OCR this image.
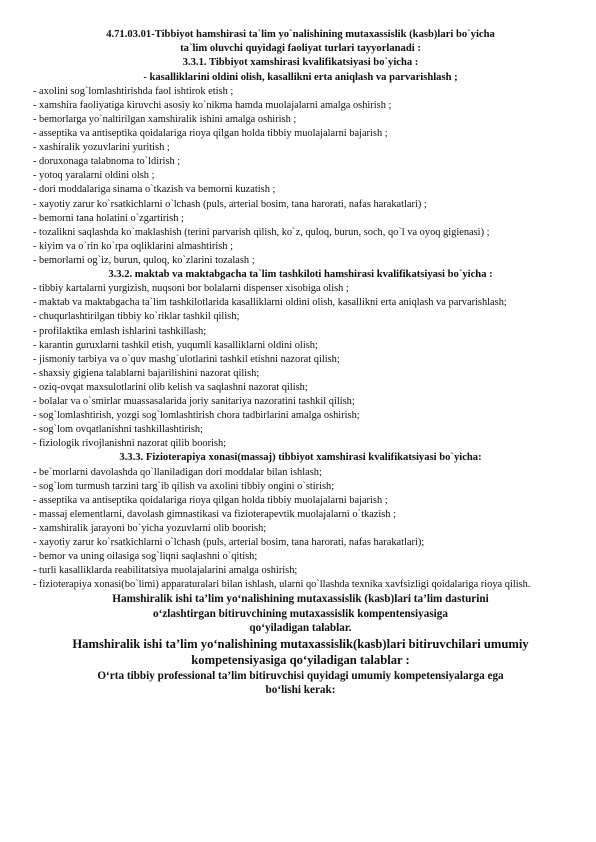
4.71.03.01-Tibbiyot hamshirasi ta`lim yo`nalishining mutaxassislik (kasb)lari bo`yicha

ta`lim oluvchi quyidagi faoliyat turlari tayyorlanadi :

3.3.1. Tibbiyot xamshirasi kvalifikatsiyasi bo`yicha :

- kasalliklarini oldini olish, kasallikni erta aniqlash va parvarishlash ;

- axolini sog`lomlashtirishda faol ishtirok etish ;

- xamshira faoliyatiga kiruvchi asosiy ko`nikma hamda muolajalarni amalga oshirish ;

- bemorlarga yo`naltirilgan xamshiralik ishini amalga oshirish ;

- asseptika va antiseptika qoidalariga rioya qilgan holda tibbiy muolajalarni bajarish ;

- xashiralik yozuvlarini yuritish ;

- doruxonaga talabnoma to`ldirish ;

- yotoq yaralarni oldini olsh ;

- dori moddalariga sinama o`tkazish va bemorni kuzatish ;

- xayotiy zarur ko`rsatkichlarni o`lchash (puls, arterial bosim, tana harorati, nafas harakatlari) ;

- bemorni tana holatini o`zgartirish ;

- tozalikni saqlashda ko`maklashish (terini parvarish qilish, ko`z, quloq, burun, soch, qo`l va oyoq gigienasi) ;

- kiyim va o`rin ko`rpa oqliklarini almashtirish ;

- bemorlarni og`iz, burun, quloq, ko`zlarini tozalash ;

3.3.2. maktab va maktabgacha ta`lim tashkiloti hamshirasi kvalifikatsiyasi bo`yicha :

- tibbiy kartalarni yurgizish, nuqsoni bor bolalarni dispenser xisobiga olish ;

- maktab va maktabgacha ta`lim tashkilotlarida kasalliklarni oldini olish, kasallikni erta aniqlash va parvarishlash;

- chuqurlashtirilgan tibbiy ko`riklar tashkil qilish;

- profilaktika emlash ishlarini tashkillash;

- karantin guruxlarni tashkil etish, yuqumli kasalliklarni oldini olish;

- jismoniy tarbiya va o`quv mashg`ulotlarini tashkil etishni nazorat qilish;

- shaxsiy gigiena talablarni bajarilishini nazorat qilish;

- oziq-ovqat maxsulotlarini olib kelish va saqlashni nazorat qilish;

- bolalar va o`smirlar muassasalarida joriy sanitariya nazoratini tashkil qilish;

- sog`lomlashtirish, yozgi sog`lomlashtirish chora tadbirlarini amalga oshirish;

- sog`lom ovqatlanishni tashkillashtirish;

- fiziologik rivojlanishni nazorat qilib boorish;

3.3.3. Fizioterapiya xonasi(massaj) tibbiyot xamshirasi kvalifikatsiyasi bo`yicha:

- be`morlarni davolashda qo`llaniladigan dori moddalar bilan ishlash;

- sog`lom turmush tarzini targ`ib qilish va axolini tibbiy ongini o`stirish;

- asseptika va antiseptika qoidalariga rioya qilgan holda tibbiy muolajalarni bajarish ;

- massaj elementlarni, davolash gimnastikasi va fizioterapevtik muolajalarni o`tkazish ;

- xamshiralik jarayoni bo`yicha yozuvlarni olib boorish;

- xayotiy zarur ko`rsatkichlarni o`lchash (puls, arterial bosim, tana harorati, nafas harakatlari);

- bemor va uning oilasiga sog`liqni saqlashni o`qitish;

- turli kasalliklarda reabilitatsiya muolajalarini amalga oshirish;

- fizioterapiya xonasi(bo`limi) apparaturalari bilan ishlash, ularni qo`llashda texnika xavfsizligi qoidalariga rioya qilish.

Hamshiralik ishi ta’lim yo‘nalishining mutaxassislik (kasb)lari ta’lim dasturini

o‘zlashtirgan bitiruvchining mutaxassislik kompentensiyasiga

qo‘yiladigan talablar.

Hamshiralik ishi ta’lim yo‘nalishining mutaxassislik(kasb)lari bitiruvchilari umumiy

kompetensiyasiga qo‘yiladigan talablar :

O‘rta tibbiy professional ta’lim bitiruvchisi quyidagi umumiy kompetensiyalarga ega

bo‘lishi kerak:
